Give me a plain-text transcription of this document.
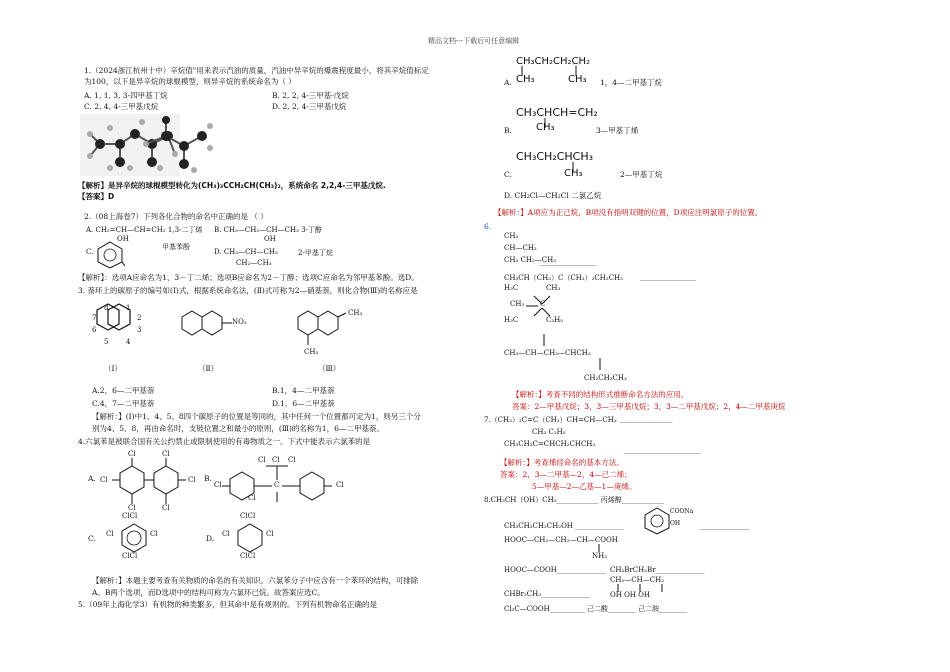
精品文档---下载后可任意编辑

1.（2024浙江杭州十中）辛烷值"用来表示汽油的质量，汽油中异辛烷的爆震程度最小，将其辛烷值标定
为100，以下是异辛烷的球棍模型，则异辛烷的系统命名为（ ）
A. 1, 1, 3, 3-四甲基丁烷	B. 2, 2, 4-三甲基-戊烷
C. 2, 4, 4-三甲基戊烷	D. 2, 2, 4-三甲基戊烷
【解析】是异辛烷的球棍模型转化为(CH₃)₃CCH₂CH(CH₃)₂，系统命名 2,2,4-三甲基戊烷.
【答案】D
2.（08上海卷7）下列各化合物的命名中正确的是 （ ）
A. CH₂=CH—CH=CH₂ 1,3-二丁烯 B. CH₃—CH₂—CH—CH₃ 3-丁醇
OH
C.
OH
甲基苯酚
D. CH₃—CH—CH₃
CH₂—CH₃
2-甲基丁烷
【解析】：选项A应命名为1、3－丁二烯；选项B应命名为2－丁醇；选项C应命名为邻甲基苯酚。选D。
3. 萘环上的碳原子的编号如(Ⅰ)式，根据系统命名法，(Ⅱ)式可称为2—硝基萘，则化合物(Ⅲ)的名称应是
8	1
7	2
6	3
5	4
NO₂
CH₃
CH₃
（Ⅰ）	（Ⅱ）	（Ⅲ）
A.2，6—二甲基萘	B.1，4—二甲基萘
C.4，7—二甲基萘	D.1，6—二甲基萘
【解析：】(Ⅰ)中1、4、5、8四个碳原子的位置是等同的，其中任何一个位置都可定为1，则另三个分
别为4、5、8，再由命名时，支链位置之和最小的原则，(Ⅲ)的名称为1，6—二甲基萘。
4.六氯苯是被联合国有关公约禁止或限制使用的有毒物质之一。下式中能表示六氯苯的是
A.
Cl	Cl
Cl	Cl
Cl	Cl
B.
C
Cl Cl Cl
Cl	Cl
Cl
C.
ClCl
Cl	Cl
ClCl
D.
ClCl
Cl	Cl
ClCl
【解析：】本题主要考查有关物质的命名的有关知识。六氯苯分子中应含有一个苯环的结构，可排除
A、B两个选项，而D选项中的结构可称为六氯环已烷。故答案应选C。
5.（09年上海化学3）有机物的种类繁多，但其命中是有规则的。下列有机物命名正确的是
CH₃CH₂CH₂CH₂
A. CH₃	CH₃ 1，4—二甲基丁烷
CH₃CHCH=CH₂
B. CH₃	3—甲基丁烯
CH₃CH₂CHCH₃
C.	CH₃	2—甲基丁烷
D. CH₂Cl—CH₂Cl 二氯乙烷
【解析：】A项应为正己烷，B项没有指明双键的位置，D项应注明氯原子的位置。
6.
CH₃
CH—CH₃
CH₃ CH₂—CH₃
________________
CH₃CH（CH₃）C（CH₃）₂CH₂CH₃ ________________
H₃C	CH₃
C
H₃C	C₂H₅
CH₃
CH₃—CH—CH₂—CHCH₃
CH₂CH₂CH₃
【解析：】考查不同的结构形式推断命名方法的应用。
答案：2—甲基戊烷；3，3—三甲基戊烷；3，3—二甲基戊烷；2，4—二甲基庚烷
7.（CH₃）₂C=C（CH₃）CH=CH—CH₃ _______________
CH₃ C₂H₅
CH₃CH₂C=CHCH₂CHCH₃
______________________
【解析：】考查烯烃命名的基本方法。
答案：2，3—二甲基—2，4—己二烯；
5—甲基—2—乙基—1—庚烯。
8.CH₃CH（OH）CH₃____________ 丙烯醇____________
COONa
OH	______________
CH₃CH₂CH₂CH₂OH ______________
HOOC—CH₂—CH₂—CH—COOH
NH₂
HOOC—COOH______________ CH₂BrCH₂Br______________
CH₂—CH—CH₂
OH OH OH
CHBr₂CH₃______________
Cl₃C—COOH__________ 己二酸________ 己二胺________
